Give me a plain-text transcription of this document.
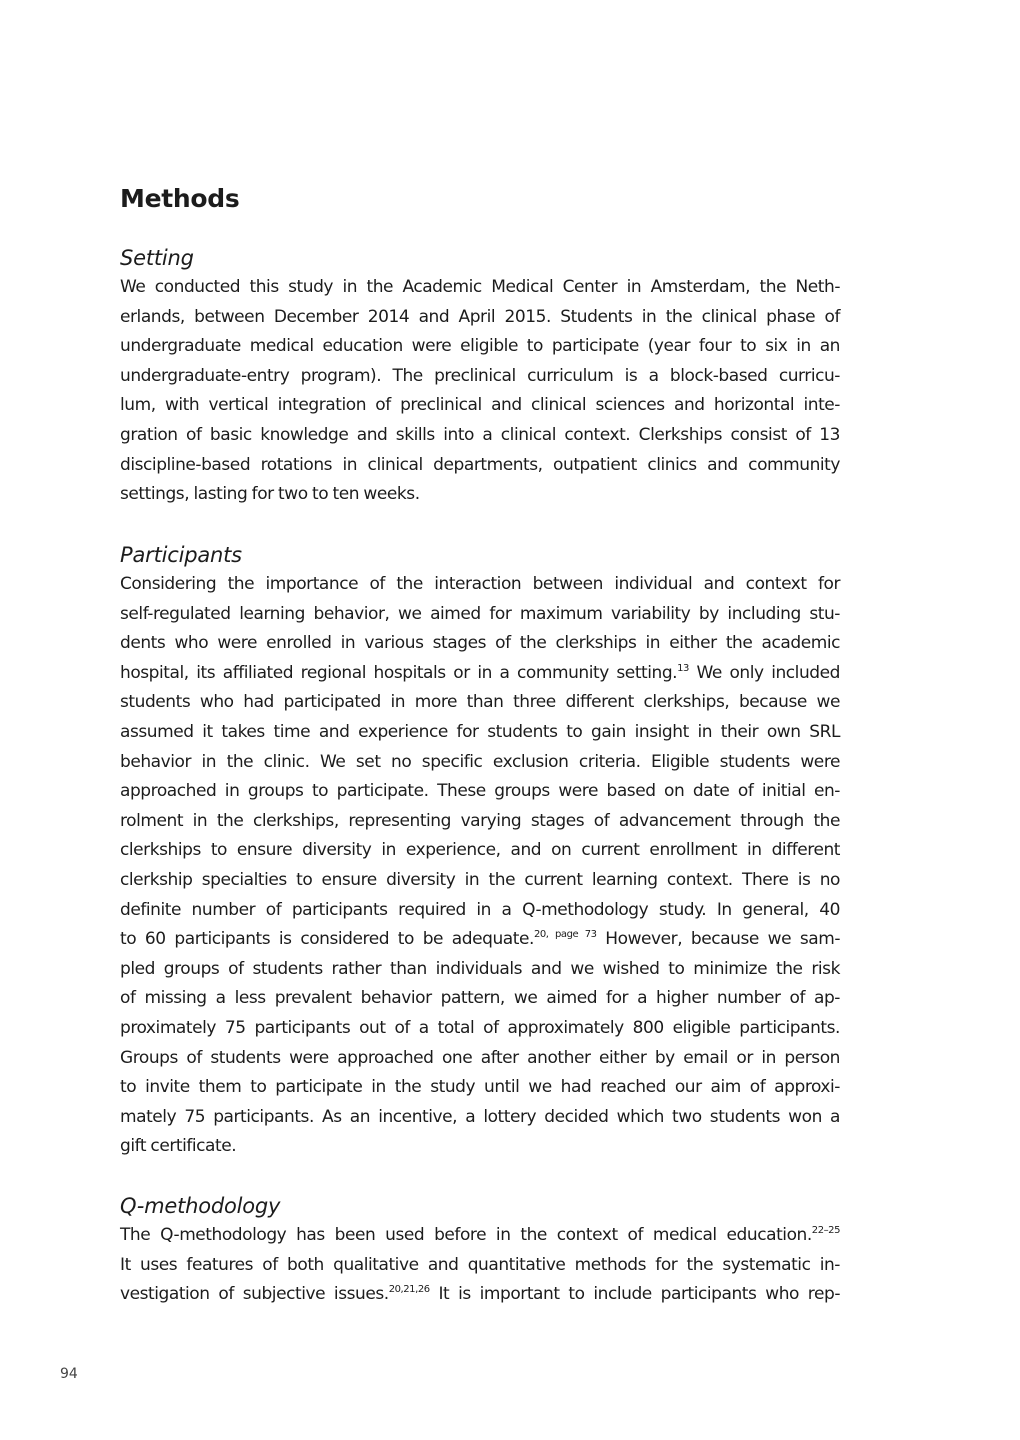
Methods
Setting

We conducted this study in the Academic Medical Center in Amsterdam, the Neth-
erlands, between December 2014 and April 2015. Students in the clinical phase of
undergraduate medical education were eligible to participate (year four to six in an
undergraduate-entry program). The preclinical curriculum is a block-based curricu-
lum, with vertical integration of preclinical and clinical sciences and horizontal inte-
gration of basic knowledge and skills into a clinical context. Clerkships consist of 13
discipline-based rotations in clinical departments, outpatient clinics and community
settings, lasting for two to ten weeks.

Participants

Considering the importance of the interaction between individual and context for
self-regulated learning behavior, we aimed for maximum variability by including stu-
dents who were enrolled in various stages of the clerkships in either the academic
hospital, its affiliated regional hospitals or in a community setting.$^{13}$ We only included
students who had participated in more than three different clerkships, because we
assumed it takes time and experience for students to gain insight in their own SRL
behavior in the clinic. We set no specific exclusion criteria. Eligible students were
approached in groups to participate. These groups were based on date of initial en-
rolment in the clerkships, representing varying stages of advancement through the
clerkships to ensure diversity in experience, and on current enrollment in different
clerkship specialties to ensure diversity in the current learning context. There is no
definite number of participants required in a Q-methodology study. In general, 40
to 60 participants is considered to be adequate.$^{20, page 73}$ However, because we sam-
pled groups of students rather than individuals and we wished to minimize the risk
of missing a less prevalent behavior pattern, we aimed for a higher number of ap-
proximately 75 participants out of a total of approximately 800 eligible participants.
Groups of students were approached one after another either by email or in person
to invite them to participate in the study until we had reached our aim of approxi-
mately 75 participants. As an incentive, a lottery decided which two students won a
gift certificate.

Q-methodology

The Q-methodology has been used before in the context of medical education.$^{22-25}$
It uses features of both qualitative and quantitative methods for the systematic in-
vestigation of subjective issues.$^{20,21,26}$ It is important to include participants who rep-

94
